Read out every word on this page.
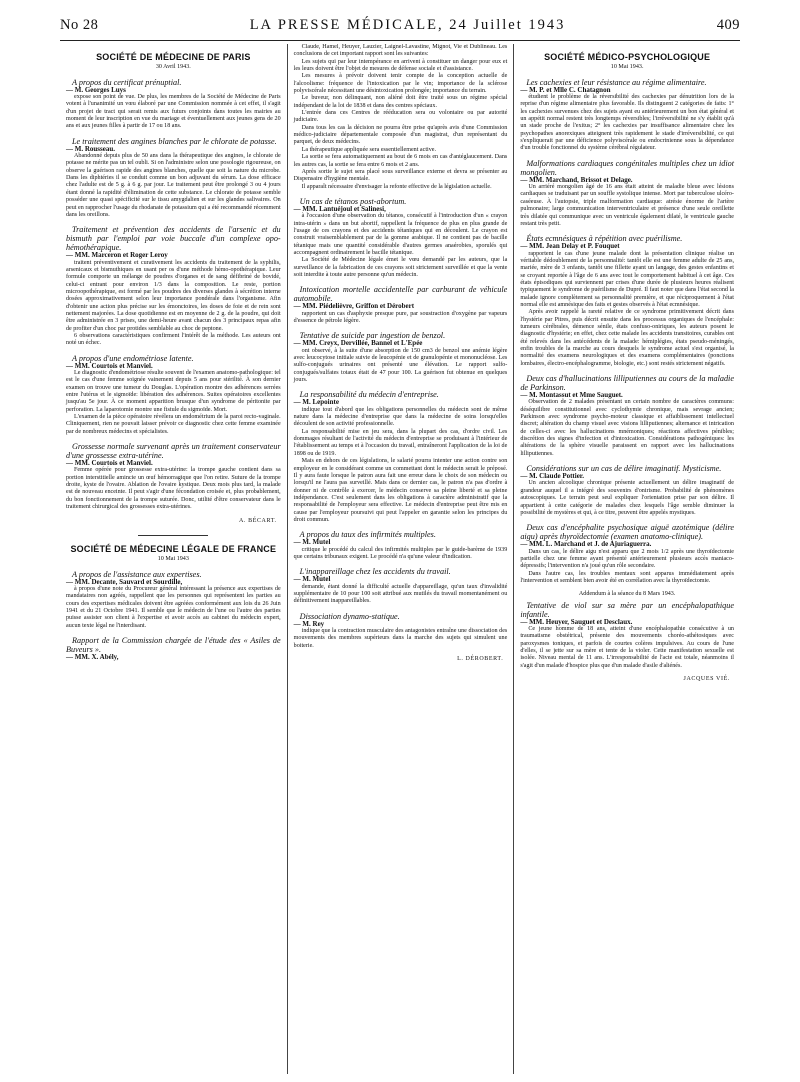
No 28	LA PRESSE MÉDICALE, 24 Juillet 1943	409
SOCIÉTÉ DE MÉDECINE DE PARIS
30 Avril 1943.
A propos du certificat prénuptial.
— M. Georges Luys
expose son point de vue. De plus, les membres de la Société de Médecine de Paris votent à l'unanimité un vœu élaboré par une Commission nommée à cet effet, il s'agit d'un projet de tract qui serait remis aux futurs conjoints dans toutes les mairies au moment de leur inscription en vue du mariage et éventuellement aux jeunes gens de 20 ans et aux jeunes filles à partir de 17 ou 18 ans.
Le traitement des angines blanches par le chlorate de potasse.
— M. Rousseau.
Abandonné depuis plus de 50 ans dans la thérapeutique des angines, le chlorate de potasse ne mérite pas un tel oubli. Si on l'administre selon une posologie rigoureuse, on observe la guérison rapide des angines blanches, quelle que soit la nature du microbe. Dans les diphtéries il se conduit comme un bon adjuvant du sérum. La dose efficace chez l'adulte est de 5 g. à 6 g. par jour. Le traitement peut être prolongé 3 ou 4 jours étant donné la rapidité d'élimination de cette substance. Le chlorate de potasse semble posséder une quasi spécificité sur le tissu amygdalien et sur les glandes salivaires. On peut en rapprocher l'usage du rhodanate de potassium qui a été recommandé récemment dans les oreillons.
Traitement et prévention des accidents de l'arsenic et du bismuth par l'emploi par voie buccale d'un complexe opo-hémothérapique.
— MM. Marceron et Roger Leroy
traitent préventivement et curativement les accidents du traitement de la syphilis, arsenicaux et bismuthiques en usant per os d'une méthode hémo-opothérapique. Leur formule comporte un mélange de poudres d'organes et de sang défibriné de bovidé, celui-ci entrant pour environ 1/3 dans la composition. Le reste, portion microopothérapique, est formé par les poudres des diverses glandes à sécrétion interne dosées approximativement selon leur importance pondérale dans l'organisme. Afin d'obtenir une action plus précise sur les émonctoires, les doses de foie et de rein sont nettement majorées. La dose quotidienne est en moyenne de 2 g. de la poudre, qui doit être administrée en 3 prises, une demi-heure avant chacun des 3 principaux repas afin de profiter d'un choc par protides semblable au choc de peptone.
6 observations caractéristiques confirment l'intérêt de la méthode. Les auteurs ont noté un échec.
A propos d'une endométriose latente.
— MM. Courtois et Manviel.
Le diagnostic d'endométriose résulte souvent de l'examen anatomo-pathologique: tel est le cas d'une femme soignée vainement depuis 5 ans pour stérilité. À son dernier examen on trouve une tumeur du Douglas. L'opération montre des adhérences serrées entre l'utérus et le sigmoïde: libération des adhérences. Suites opératoires excellentes jusqu'au 5e jour. À ce moment apparition brusque d'un syndrome de péritonite par perforation. La laparotomie montre une fistule du sigmoïde. Mort.
L'examen de la pièce opératoire révélera un endométrium de la paroi recto-vaginale. Cliniquement, rien ne pouvait laisser prévoir ce diagnostic chez cette femme examinée par de nombreux médecins et spécialistes.
Grossesse normale survenant après un traitement conservateur d'une grossesse extra-utérine.
— MM. Courtois et Manviel.
Femme opérée pour grossesse extra-utérine: la trompe gauche contient dans sa portion interstitielle amincie un œuf hémorragique que l'on retire. Suture de la trompe droite, kyste de l'ovaire. Ablation de l'ovaire kystique. Deux mois plus tard, la malade est de nouveau enceinte. Il peut s'agir d'une fécondation croisée et, plus probablement, du bon fonctionnement de la trompe suturée. Donc, utilité d'être conservateur dans le traitement chirurgical des grossesses extra-utérines.
A. BÉCART.
SOCIÉTÉ DE MÉDECINE LÉGALE DE FRANCE
10 Mai 1943
A propos de l'assistance aux expertises.
— MM. Decante, Sauvard et Sourdille,
à propos d'une note du Procureur général intéressant la présence aux expertises de mandataires non agréés, rappellent que les personnes qui représentent les parties au cours des expertises médicales doivent être agréées conformément aux lois du 26 Juin 1941 et du 21 Octobre 1941. Il semble que le médecin de l'une ou l'autre des parties puisse assister son client à l'expertise et avoir accès au cabinet du médecin expert, aucun texte légal ne l'interdisant.
Rapport de la Commission chargée de l'étude des « Asiles de Buveurs ».
— MM. X. Abély,
Claude, Hamel, Heuyer, Lauzier, Laignel-Lavastine, Mignot, Vie et Dublineau. Les conclusions de cet important rapport sont les suivantes:
Les sujets qui par leur intempérance en arrivent à constituer un danger pour eux et les leurs doivent être l'objet de mesures de défense sociale et d'assistance.
Les mesures à prévoir doivent tenir compte de la conception actuelle de l'alcoolisme: fréquence de l'intoxication par le vin; importance de la sclérose polyviscérale nécessitant une désintoxication prolongée; importance du terrain.
Le buveur, non délinquant, non aliéné doit être traité sous un régime spécial indépendant de la loi de 1838 et dans des centres spéciaux.
L'entrée dans ces Centres de rééducation sera ou volontaire ou par autorité judiciaire.
Dans tous les cas la décision ne pourra être prise qu'après avis d'une Commission médico-judiciaire départementale composée d'un magistrat, d'un représentant du parquet, de deux médecins.
La thérapeutique appliquée sera essentiellement active.
La sortie se fera automatiquement au bout de 6 mois en cas d'antéglaucement. Dans les autres cas, la sortie se fera entre 6 mois et 2 ans.
Après sortie le sujet sera placé sous surveillance externe et devra se présenter au Dispensaire d'hygiène mentale.
Il apparaît nécessaire d'envisager la refonte effective de la législation actuelle.
Un cas de tétanos post-abortum.
— MM. Lantuéjoul et Salinesi,
à l'occasion d'une observation du tétanos, consécutif à l'introduction d'un « crayon intra-utérin » dans un but abortif, rappellent la fréquence de plus en plus grande de l'usage de ces crayons et des accidents tétaniques qui en découlent. Le crayon est construit vraisemblablement par de la gomme arabique. Il ne contient pas de bacille tétanique mais une quantité considérable d'autres germes anaérobies, sporulés qui accompagnent ordinairement le bacille tétanique.
La Société de Médecine légale émet le vœu demandé par les auteurs, que la surveillance de la fabrication de ces crayons soit strictement surveillée et que la vente soit interdite à toute autre personne qu'un médecin.
Intoxication mortelle accidentelle par carburant de véhicule automobile.
— MM. Piédelièvre, Griffon et Dérobert
rapportent un cas d'asphyxie presque pure, par soustraction d'oxygène par vapeurs d'essence de pétrole légère.
Tentative de suicide par ingestion de benzol.
— MM. Creyx, Dervillée, Bannel et L'Epée
ont observé, à la suite d'une absorption de 150 cm3 de benzol une anémie légère avec leucocytose initiale suivie de leucopénie et de granulopénie et mononucléose. Les sulfo-conjugués urinaires ont présenté une élévation. Le rapport sulfo-conjugués/sulfates totaux était de 47 pour 100. La guérison fut obtenue en quelques jours.
La responsabilité du médecin d'entreprise.
— M. Lepointe
indique tout d'abord que les obligations personnelles du médecin sont de même nature dans la médecine d'entreprise que dans la médecine de soins lorsqu'elles découlent de son activité professionnelle.
La responsabilité mise en jeu sera, dans la plupart des cas, d'ordre civil. Les dommages résultant de l'activité du médecin d'entreprise se produisant à l'intérieur de l'établissement au temps et à l'occasion du travail, entraîneront l'application de la loi de 1898 ou de 1919.
Mais en dehors de ces législations, le salarié pourra intenter une action contre son employeur en le considérant comme un commettant dont le médecin serait le préposé. Il y aura faute lorsque le patron aura fait une erreur dans le choix de son médecin ou lorsqu'il ne l'aura pas surveillé. Mais dans ce dernier cas, le patron n'a pas d'ordre à donner ni de contrôle à exercer, le médecin conserve sa pleine liberté et sa pleine indépendance. C'est seulement dans les obligations à caractère administratif que la responsabilité de l'employeur sera effective. Le médecin d'entreprise peut être mis en cause par l'employeur poursuivi qui peut l'appeler en garantie selon les principes du droit commun.
A propos du taux des infirmités multiples.
— M. Mutel
critique le procédé du calcul des infirmités multiples par le guide-barème de 1939 que certains tribunaux exigent. Le procédé n'a qu'une valeur d'indication.
L'inappareillage chez les accidents du travail.
— M. Mutel
demande, étant donné la difficulté actuelle d'appareillage, qu'un taux d'invalidité supplémentaire de 10 pour 100 soit attribué aux mutilés du travail momentanément ou définitivement inappareillables.
Dissociation dynamo-statique.
— M. Rey
indique que la contraction musculaire des antagonistes entraîne une dissociation des mouvements des membres supérieurs dans la marche des sujets qui simulent une boiterie.
L. DÉROBERT.
SOCIÉTÉ MÉDICO-PSYCHOLOGIQUE
10 Mai 1943.
Les cachexies et leur résistance au régime alimentaire.
— M. P. et Mlle C. Chatagnon
étudient le problème de la réversibilité des cachexies par dénutrition lors de la reprise d'un régime alimentaire plus favorable. Ils distinguent 2 catégories de faits: 1° les cachexies survenues chez des sujets ayant eu antérieurement un bon état général et un appétit normal restent très longtemps réversibles; l'irréversibilité ne s'y établit qu'à un stade proche de l'exitus; 2° les cachexies par insuffisance alimentaire chez les psychopathes anorexiques atteignent très rapidement le stade d'irréversibilité, ce qui s'expliquerait par une déficience polyviscérale ou endocrinienne sous la dépendance d'un trouble fonctionnel du système cérébral régulateur.
Malformations cardiaques congénitales multiples chez un idiot mongolien.
— MM. Marchand, Brissot et Delage.
Un arriéré mongolien âgé de 16 ans était atteint de maladie bleue avec lésions cardiaques se traduisant par un souffle systolique intense. Mort par tuberculose ulcéro-caséeuse. À l'autopsie, triple malformation cardiaque: atrésie énorme de l'artère pulmonaire; large communication interventriculaire et présence d'une seule oreillette très dilatée qui communique avec un ventricule également dilaté, le ventricule gauche restant très petit.
États ecmnésiques à répétition avec puérilisme.
— MM. Jean Delay et P. Fouquet
rapportent le cas d'une jeune malade dont la présentation clinique réalise un véritable dédoublement de la personnalité: tantôt elle est une femme adulte de 25 ans, mariée, mère de 3 enfants, tantôt une fillette ayant un langage, des gestes enfantins et se croyant reportée à l'âge de 6 ans avec tout le comportement habituel à cet âge. Ces états épisodiques qui surviennent par crises d'une durée de plusieurs heures réalisent typiquement le syndrome de puérilisme de Dupré. Il faut noter que dans l'état second la malade ignore complètement sa personnalité première, et que réciproquement à l'état normal elle est amnésique des faits et gestes observés à l'état ecmnésique.
Après avoir rappelé la rareté relative de ce syndrome primitivement décrit dans l'hystérie par Pitres, puis décrit ensuite dans les processus organiques de l'encéphale: tumeurs cérébrales, démence sénile, états confuso-oniriques, les auteurs posent le diagnostic d'hystérie; en effet, chez cette malade les accidents transitoires, curables ont été relevés dans les antécédents de la malade: hémiplégies, états pseudo-méningés, enfin troubles de la marche au cours desquels le syndrome actuel s'est organisé, la normalité des examens neurologiques et des examens complémentaires (ponctions lombaires, électro-encéphalogramme, biologie, etc.) sont restés strictement négatifs.
Deux cas d'hallucinations lilliputiennes au cours de la maladie de Parkinson.
— M. Montassut et Mme Sauguet.
Observation de 2 malades présentant un certain nombre de caractères communs: déséquilibre constitutionnel avec cyclothymie chronique, mais sevrage ancien; Parkinson avec syndrome psycho-moteur classique et affaiblissement intellectuel discret; altération du champ visuel avec visions lilliputiennes; alternance et intrication de celles-ci avec les hallucinations mnémoniques; réactions affectives pénibles; discrétion des signes d'infection et d'intoxication. Considérations pathogéniques: les altérations de la sphère visuelle paraissent en rapport avec les hallucinations lilliputiennes.
Considérations sur un cas de délire imaginatif. Mysticisme.
— M. Claude Pottier.
Un ancien alcoolique chronique présente actuellement un délire imaginatif de grandeur auquel il a intégré des souvenirs d'onirisme. Probabilité de phénomènes autoscopiques. Le terrain peut seul expliquer l'orientation prise par son délire. Il appartient à cette catégorie de malades chez lesquels l'âge semble diminuer la possibilité de mystères et qui, à ce titre, peuvent être appelés mystiques.
Deux cas d'encéphalite psychosique aiguë azotémique (délire aigu) après thyroïdectomie (examen anatomo-clinique).
— MM. L. Marchand et J. de Ajuriaguerra.
Dans un cas, le délire aigu n'est apparu que 2 mois 1/2 après une thyroïdectomie partielle chez une femme ayant présenté antérieurement plusieurs accès maniaco-dépressifs; l'intervention n'a joué qu'un rôle secondaire.
Dans l'autre cas, les troubles mentaux sont apparus immédiatement après l'intervention et semblent bien avoir été en corrélation avec la thyroïdectomie.
Addendum à la séance du 8 Mars 1943.
Tentative de viol sur sa mère par un encéphalopathique infantile.
— MM. Heuyer, Sauguet et Desclaux.
Ce jeune homme de 18 ans, atteint d'une encéphalopathie consécutive à un traumatisme obstétrical, présente des mouvements choréo-athétosiques avec paroxysmes toniques, et parfois de courtes colères impulsives. Au cours de l'une d'elles, il se jette sur sa mère et tente de la violer. Cette manifestation sexuelle est isolée. Niveau mental de 11 ans. L'irresponsabilité de l'acte est totale, néanmoins il s'agit d'un malade d'hospice plus que d'un malade d'asile d'aliénés.
JACQUES VIÉ.
